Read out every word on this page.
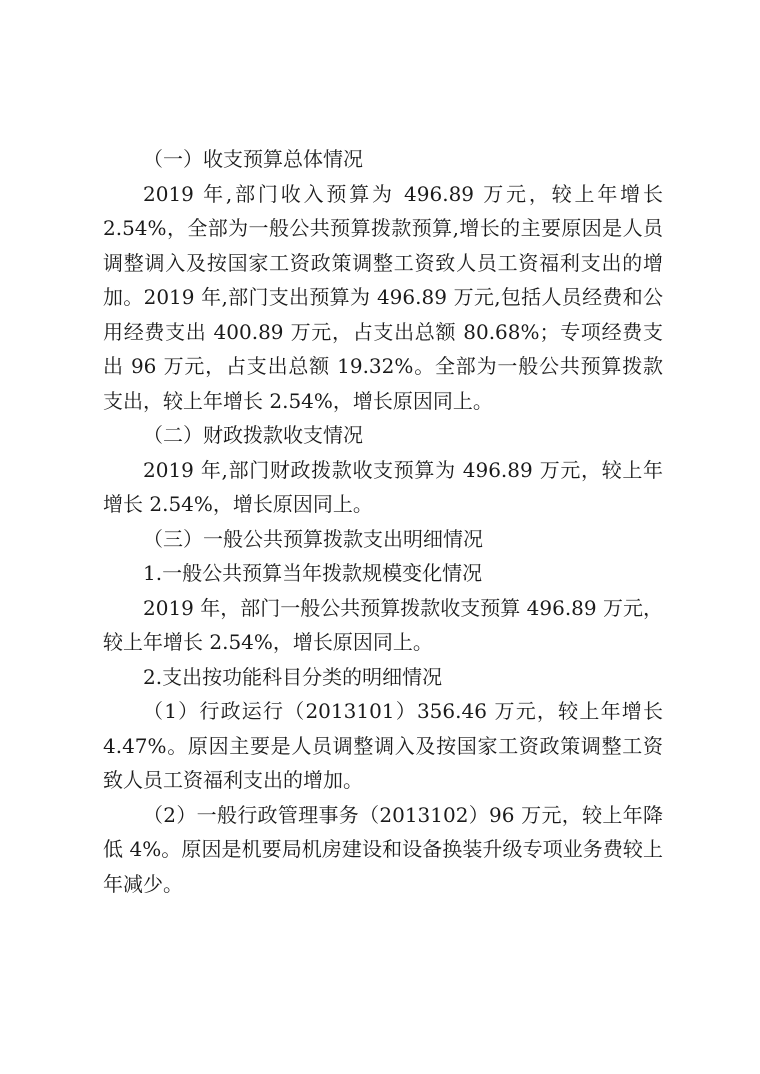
（一）收支预算总体情况

2019 年,部门收入预算为 496.89 万元，较上年增长 2.54%，全部为一般公共预算拨款预算,增长的主要原因是人员调整调入及按国家工资政策调整工资致人员工资福利支出的增加。2019 年,部门支出预算为 496.89 万元,包括人员经费和公用经费支出 400.89 万元，占支出总额 80.68%；专项经费支出 96 万元，占支出总额 19.32%。全部为一般公共预算拨款支出，较上年增长 2.54%，增长原因同上。

（二）财政拨款收支情况

2019 年,部门财政拨款收支预算为 496.89 万元，较上年增长 2.54%，增长原因同上。

（三）一般公共预算拨款支出明细情况

1.一般公共预算当年拨款规模变化情况

2019 年，部门一般公共预算拨款收支预算 496.89 万元，较上年增长 2.54%，增长原因同上。

2.支出按功能科目分类的明细情况

（1）行政运行（2013101）356.46 万元，较上年增长 4.47%。原因主要是人员调整调入及按国家工资政策调整工资致人员工资福利支出的增加。

（2）一般行政管理事务（2013102）96 万元，较上年降低 4%。原因是机要局机房建设和设备换装升级专项业务费较上年减少。
